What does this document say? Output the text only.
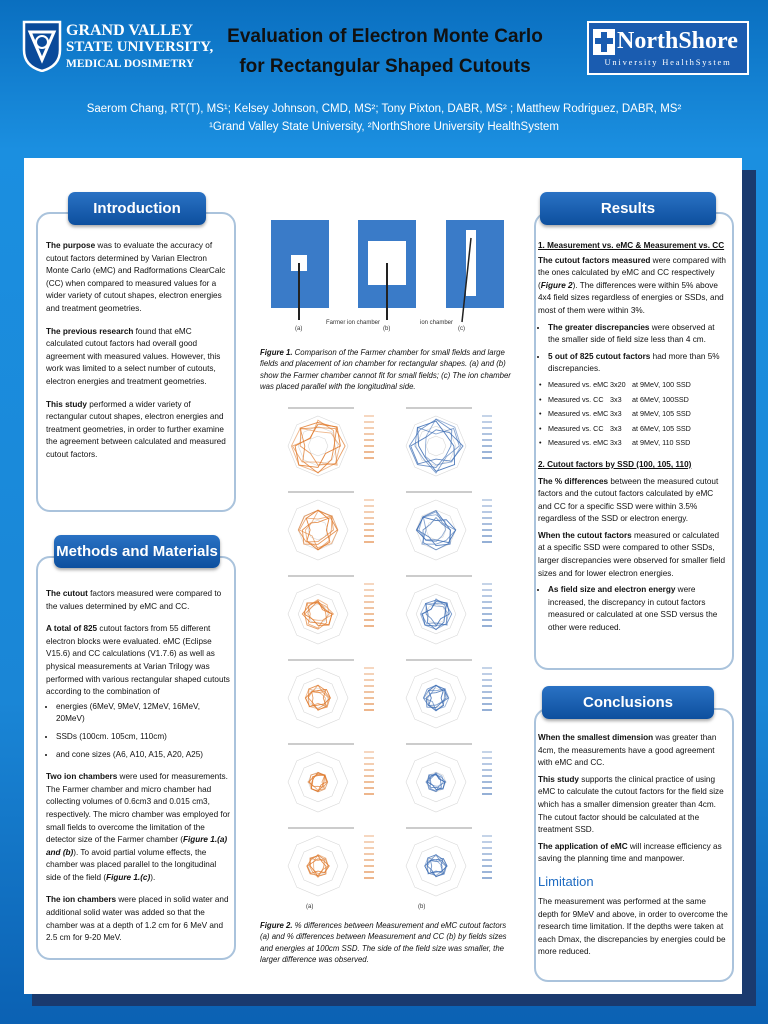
GRAND VALLEY
STATE UNIVERSITY,
MEDICAL DOSIMETRY
Evaluation of Electron Monte Carlo
for Rectangular Shaped Cutouts
NorthShore
University HealthSystem
Saerom Chang, RT(T), MS¹; Kelsey Johnson, CMD, MS²; Tony Pixton, DABR, MS² ; Matthew Rodriguez, DABR, MS²
¹Grand Valley State University, ²NorthShore University HealthSystem
Introduction

The purpose was to evaluate the accuracy of cutout factors determined by Varian Electron Monte Carlo (eMC) and Radformations ClearCalc (CC) when compared to measured values for a wider variety of cutout shapes, electron energies and treatment geometries.

The previous research found that eMC calculated cutout factors had overall good agreement with measured values. However, this work was limited to a select number of cutouts, electron energies and treatment geometries.

This study performed a wider variety of rectangular cutout shapes, electron energies and treatment geometries, in order to further examine the agreement between calculated and measured cutout factors.

Methods and Materials

The cutout factors measured were compared to the values determined by eMC and CC.

A total of 825 cutout factors from 55 different electron blocks were evaluated. eMC (Eclipse V15.6) and CC calculations (V1.7.6) as well as physical measurements at Varian Trilogy was performed with various rectangular shaped cutouts according to the combination of

• energies (6MeV, 9MeV, 12MeV, 16MeV, 20MeV)
• SSDs (100cm. 105cm, 110cm)
• and cone sizes (A6, A10, A15, A20, A25)

Two ion chambers were used for measurements. The Farmer chamber and micro chamber had collecting volumes of 0.6cm3 and 0.015 cm3, respectively. The micro chamber was employed for small fields to overcome the limitation of the detector size of the Farmer chamber (Figure 1.(a) and (b)). To avoid partial volume effects, the chamber was placed parallel to the longitudinal side of the field (Figure 1.(c)).

The ion chambers were placed in solid water and additional solid water was added so that the chamber was at a depth of 1.2 cm for 6 MeV and 2.5 cm for 9-20 MeV.

(a)
Farmer ion chamber
(b)
ion chamber
(c)
Figure 1. Comparison of the Farmer chamber for small fields and large fields and placement of ion chamber for rectangular shapes. (a) and (b) show the Farmer chamber cannot fit for small fields; (c) The ion chamber was placed parallel with the longitudinal side.
(a)	(b)
Figure 2. % differences between Measurement and eMC cutout factors (a) and % differences between Measurement and CC (b) by fields sizes and energies at 100cm SSD. The side of the field size was smaller, the larger difference was observed.
Results

1. Measurement vs. eMC & Measurement vs. CC

The cutout factors measured were compared with the ones calculated by eMC and CC respectively (Figure 2). The differences were within 5% above 4x4 field sizes regardless of energies or SSDs, and most of them were within 3%.

• The greater discrepancies were observed at the smaller side of field size less than 4 cm.
• 5 out of 825 cutout factors had more than 5% discrepancies.
• Measured vs. eMC 3x20 at 9MeV, 100 SSD
• Measured vs. CC 3x3 at 6MeV, 100SSD
• Measured vs. eMC 3x3 at 9MeV, 105 SSD
• Measured vs. CC 3x3 at 6MeV, 105 SSD
• Measured vs. eMC 3x3 at 9MeV, 110 SSD

2. Cutout factors by SSD (100, 105, 110)

The % differences between the measured cutout factors and the cutout factors calculated by eMC and CC for a specific SSD were within 3.5% regardless of the SSD or electron energy.

When the cutout factors measured or calculated at a specific SSD were compared to other SSDs, larger discrepancies were observed for smaller field sizes and for lower electron energies.

• As field size and electron energy were increased, the discrepancy in cutout factors measured or calculated at one SSD versus the other were reduced.
Conclusions

When the smallest dimension was greater than 4cm, the measurements have a good agreement with eMC and CC.

This study supports the clinical practice of using eMC to calculate the cutout factors for the field size which has a smaller dimension greater than 4cm. The cutout factor should be calculated at the treatment SSD.

The application of eMC will increase efficiency as saving the planning time and manpower.

Limitation
The measurement was performed at the same depth for 9MeV and above, in order to overcome the research time limitation. If the depths were taken at each Dmax, the discrepancies by energies could be more reduced.
